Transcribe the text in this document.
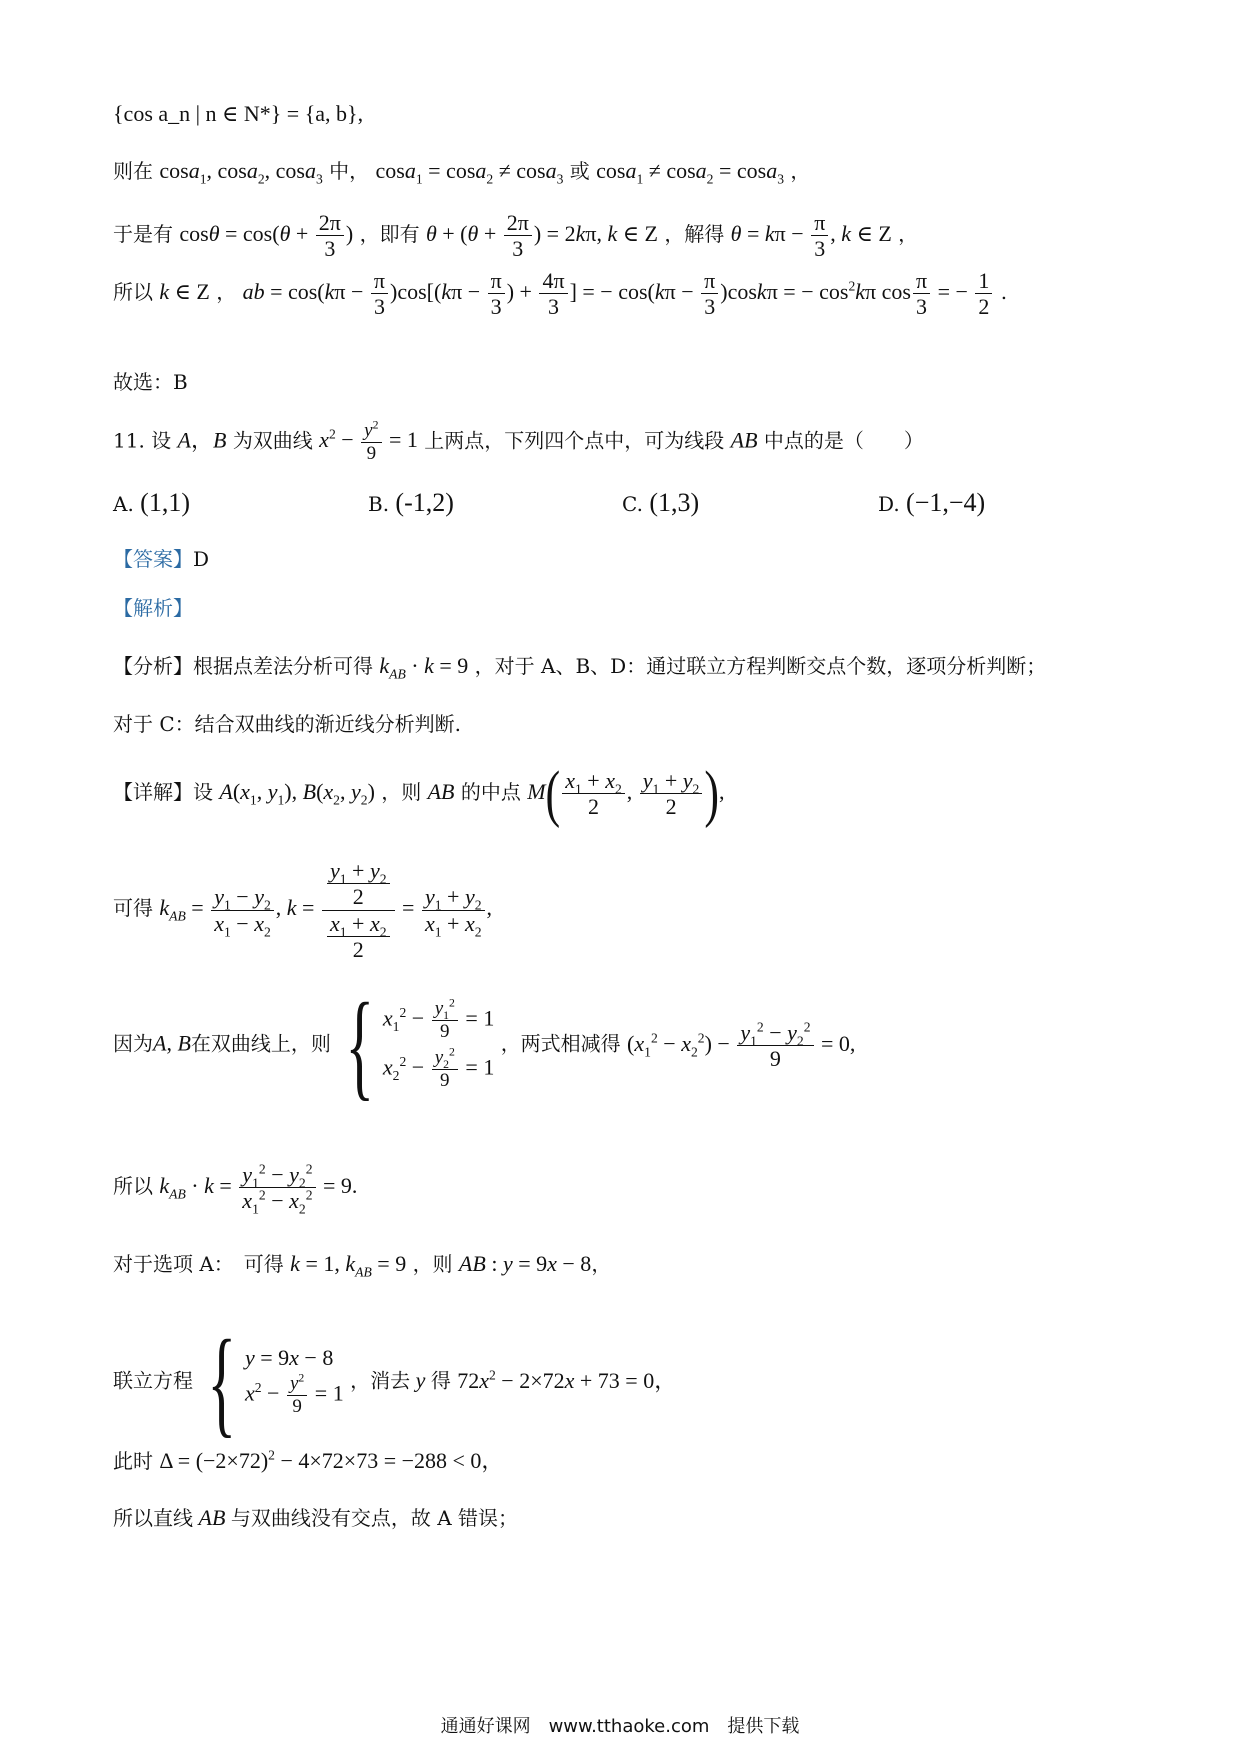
{cos a_n | n ∈ N*} = {a, b},
则在 cosa$_1$, cosa$_2$, cosa$_3$ 中， cosa$_1$ = cosa$_2$ ≠ cosa$_3$ 或 cosa$_1$ ≠ cosa$_2$ = cosa$_3$ ，
于是有 $\cos\theta = \cos(\theta + \frac{2\pi}{3}$ ) ，即有 $\theta + (\theta + \frac{2\pi}{3}$ ) = 2kπ, k ∈ Z ，解得 $\theta = k\pi - \frac{\pi}{3}$ , k ∈ Z ，
所以 k ∈ Z ， ab = $\cos(k\pi - \frac{\pi}{3} )\cos[(k\pi - \frac{\pi}{3}$ ) + $\frac{4\pi}{3}$ ] = − $\cos(k\pi - \frac{\pi}{3} )\cos k\pi$ = − $\cos^2k\pi$ $\cos \frac{\pi}{3}$ = − $\frac{1}{2}$ .
故选：B
11. 设 A，B 为双曲线 $x^2 - \frac{y^2}{9} = 1$ 上两点，下列四个点中，可为线段 AB 中点的是（　　）
A. (1,1)	B. (-1,2)	C. (1,3)	D. (−1,−4)
【答案】D
【解析】
【分析】根据点差法分析可得 $k_{AB} \cdot k = 9$ ，对于 A、B、D：通过联立方程判断交点个数，逐项分析判断；
对于 C：结合双曲线的渐近线分析判断.
【详解】设 $A(x_1$, $y_1$), $B(x_2$, $y_2$) ，则 AB 的中点 $M( \frac{x_1 + x_2}{2}$ , $\frac{y_1 + y_2}{2}$ ),
可得 $k_{AB} = \frac{y_1 - y_2}{x_1 - x_2}$ , $k = \frac{\frac{y_1 + y_2}{2}}{\frac{x_1 + x_2}{2}} = \frac{y_1 + y_2}{x_1 + x_2}$ ,
因为A, B在双曲线上，则 { $x_1^2 - \frac{y_1^2}{9} = 1$
$x_2^2 - \frac{y_2^2}{9} = 1$
，两式相减得 $(x_1^2 - x_2^2) - \frac{y_1^2 - y_2^2}{9} = 0$,
所以 $k_{AB} \cdot k = \frac{y_1^2 - y_2^2}{x_1^2 - x_2^2} = 9$.
对于选项 A：　可得 k = 1, $k_{AB} = 9$ ，则 AB : y = 9x − 8，
联立方程 { y = 9x − 8
$x^2 - \frac{y^2}{9} = 1$ ，消去 y 得 $72x^2 - 2\times 72x + 73 = 0$，
此时 $\Delta = (-2\times 72)^2 - 4\times 72\times 73 = -288 < 0$，
所以直线 AB 与双曲线没有交点，故 A 错误；
通通好课网　www.tthaoke.com　提供下载
